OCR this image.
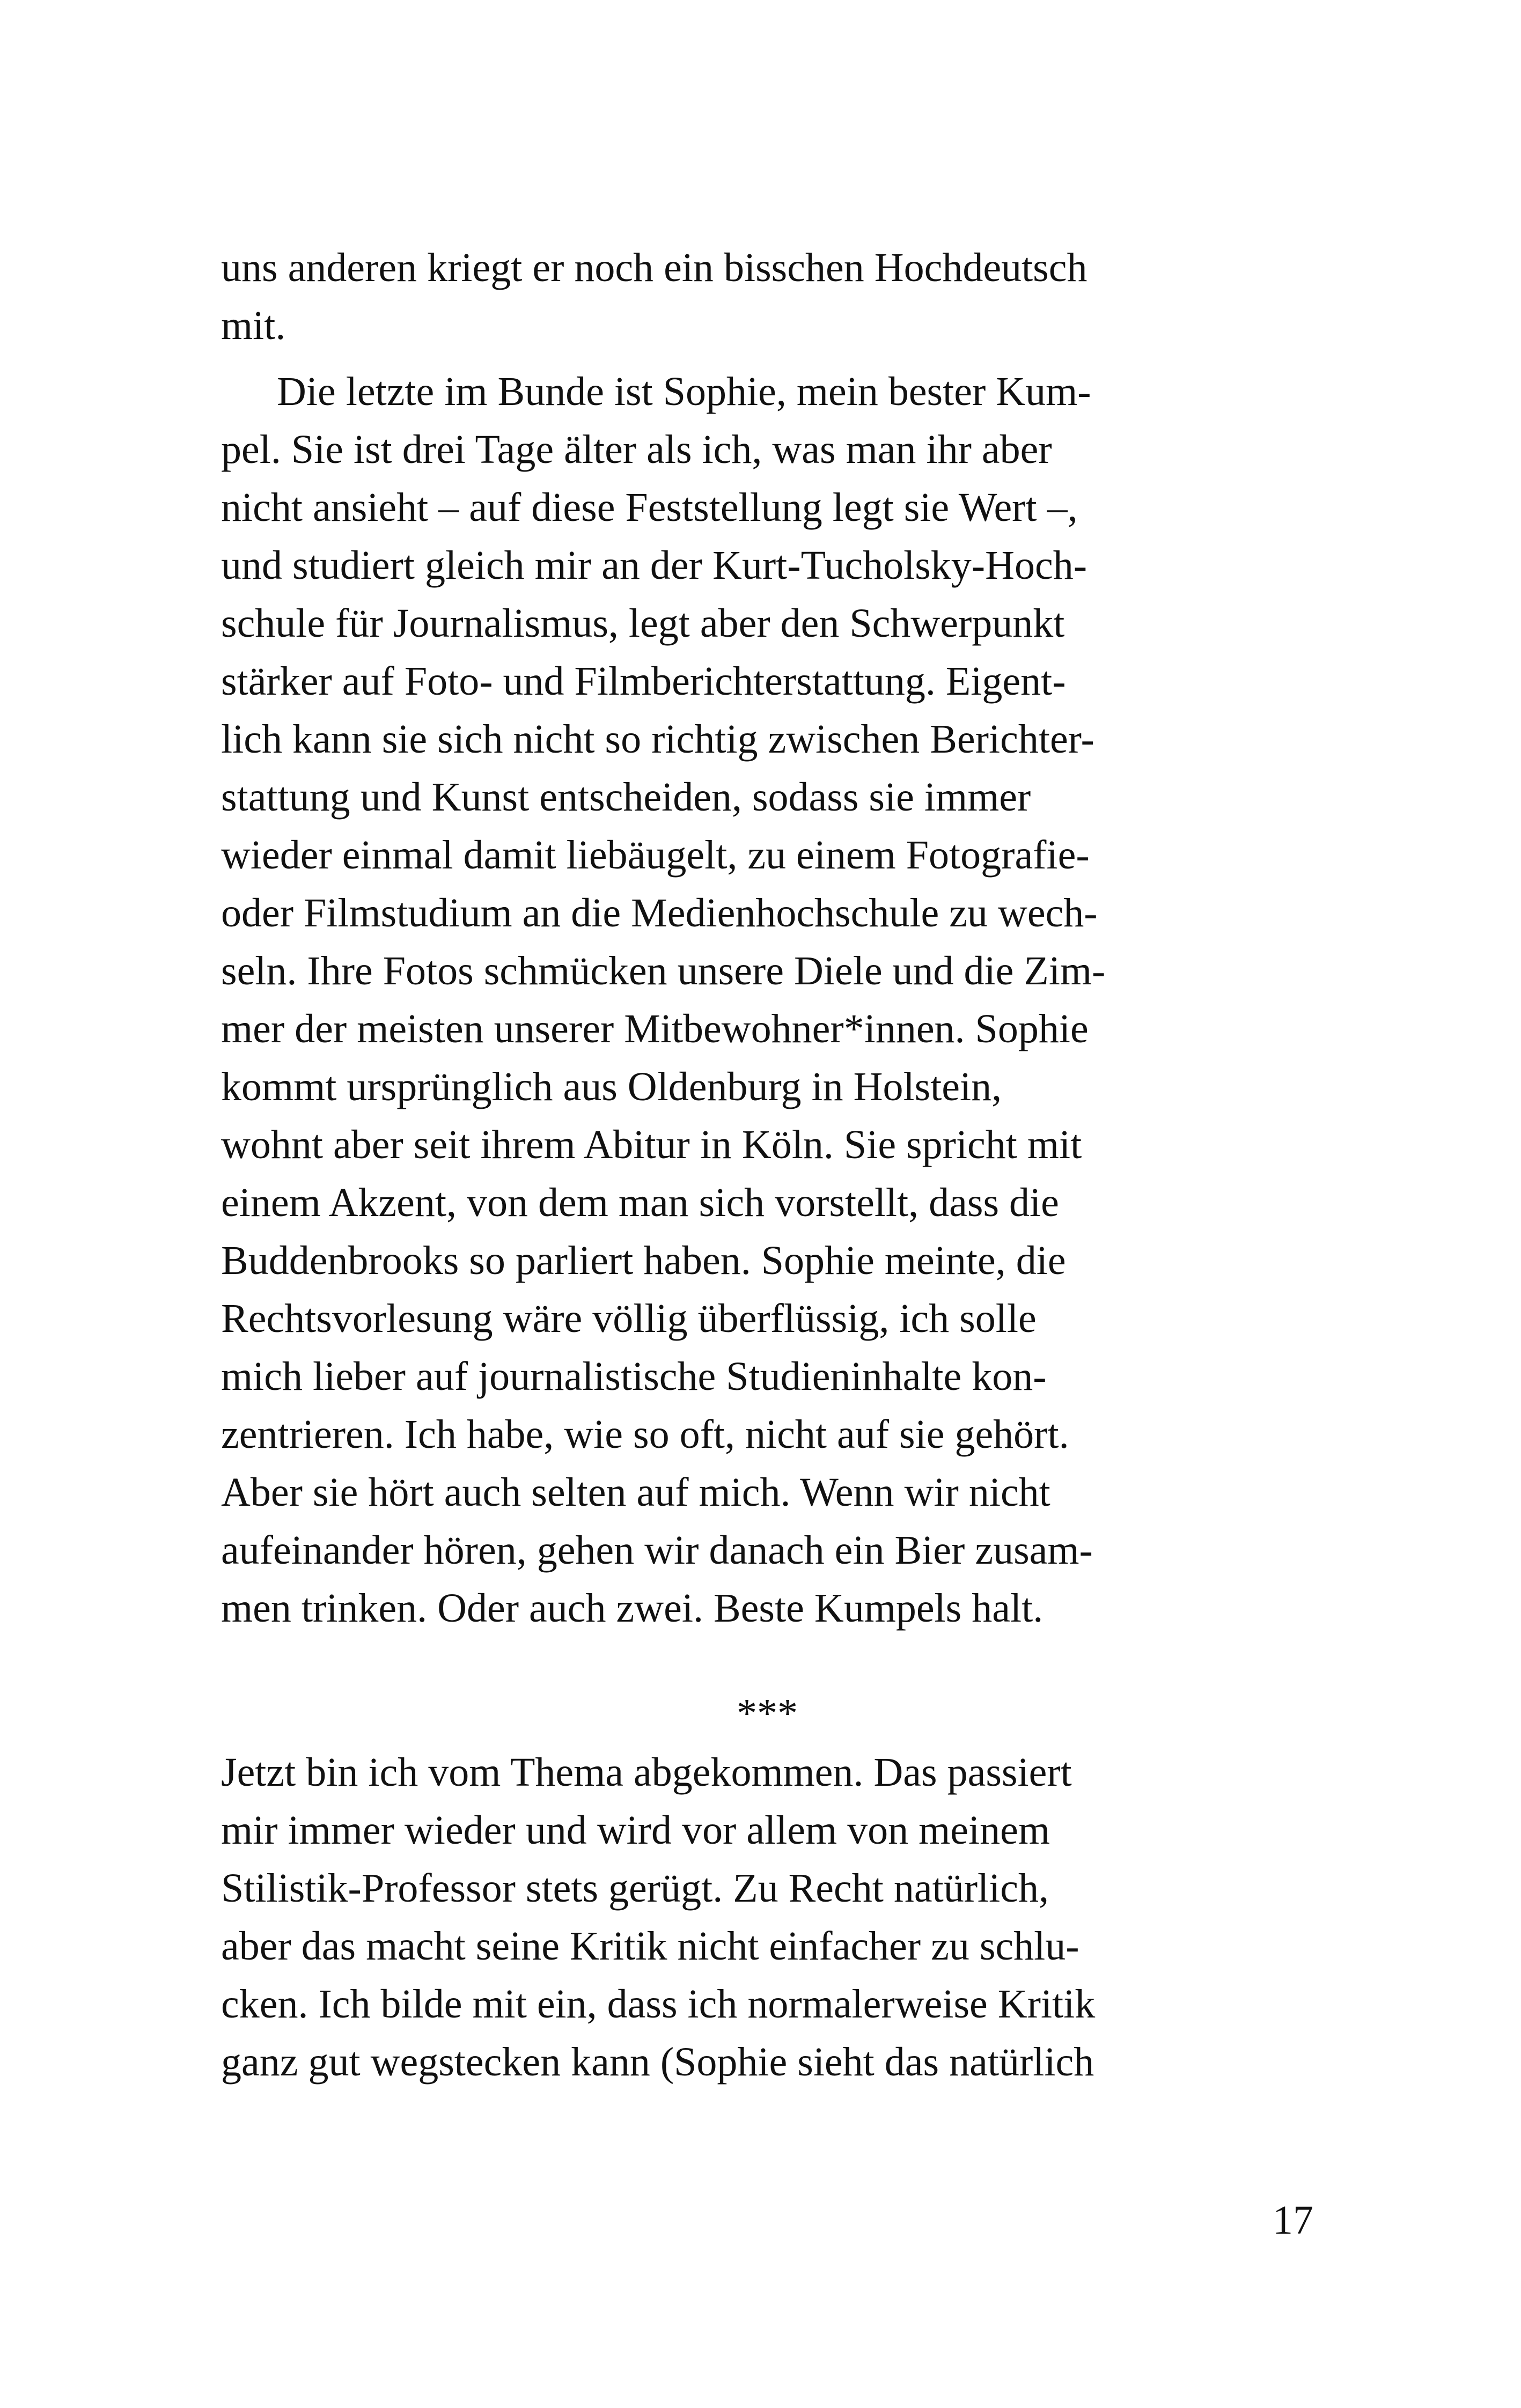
uns anderen kriegt er noch ein bisschen Hochdeutsch
mit.

Die letzte im Bunde ist Sophie, mein bester Kum-
pel. Sie ist drei Tage älter als ich, was man ihr aber
nicht ansieht – auf diese Feststellung legt sie Wert –,
und studiert gleich mir an der Kurt-Tucholsky-Hoch-
schule für Journalismus, legt aber den Schwerpunkt
stärker auf Foto- und Filmberichterstattung. Eigent-
lich kann sie sich nicht so richtig zwischen Berichter-
stattung und Kunst entscheiden, sodass sie immer
wieder einmal damit liebäugelt, zu einem Fotografie-
oder Filmstudium an die Medienhochschule zu wech-
seln. Ihre Fotos schmücken unsere Diele und die Zim-
mer der meisten unserer Mitbewohner*innen. Sophie
kommt ursprünglich aus Oldenburg in Holstein,
wohnt aber seit ihrem Abitur in Köln. Sie spricht mit
einem Akzent, von dem man sich vorstellt, dass die
Buddenbrooks so parliert haben. Sophie meinte, die
Rechtsvorlesung wäre völlig überflüssig, ich solle
mich lieber auf journalistische Studieninhalte kon-
zentrieren. Ich habe, wie so oft, nicht auf sie gehört.
Aber sie hört auch selten auf mich. Wenn wir nicht
aufeinander hören, gehen wir danach ein Bier zusam-
men trinken. Oder auch zwei. Beste Kumpels halt.

***

Jetzt bin ich vom Thema abgekommen. Das passiert
mir immer wieder und wird vor allem von meinem
Stilistik-Professor stets gerügt. Zu Recht natürlich,
aber das macht seine Kritik nicht einfacher zu schlu-
cken. Ich bilde mit ein, dass ich normalerweise Kritik
ganz gut wegstecken kann (Sophie sieht das natürlich

17
